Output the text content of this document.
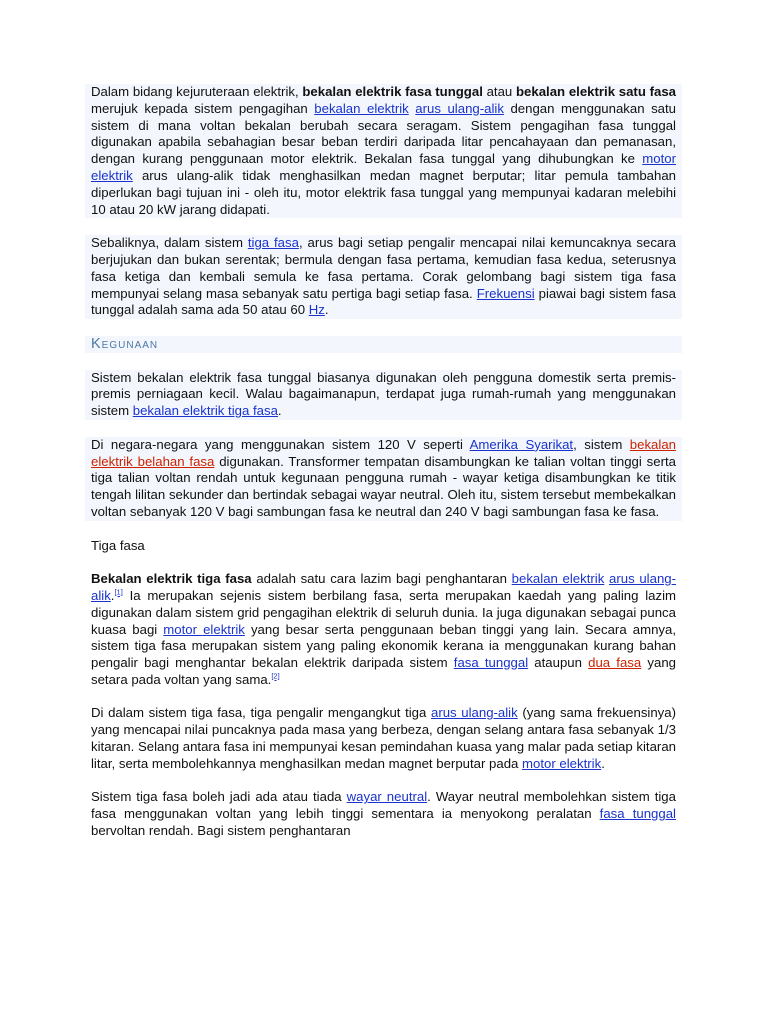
Dalam bidang kejuruteraan elektrik, bekalan elektrik fasa tunggal atau bekalan elektrik satu fasa merujuk kepada sistem pengagihan bekalan elektrik arus ulang-alik dengan menggunakan satu sistem di mana voltan bekalan berubah secara seragam. Sistem pengagihan fasa tunggal digunakan apabila sebahagian besar beban terdiri daripada litar pencahayaan dan pemanasan, dengan kurang penggunaan motor elektrik. Bekalan fasa tunggal yang dihubungkan ke motor elektrik arus ulang-alik tidak menghasilkan medan magnet berputar; litar pemula tambahan diperlukan bagi tujuan ini - oleh itu, motor elektrik fasa tunggal yang mempunyai kadaran melebihi 10 atau 20 kW jarang didapati.

Sebaliknya, dalam sistem tiga fasa, arus bagi setiap pengalir mencapai nilai kemuncaknya secara berjujukan dan bukan serentak; bermula dengan fasa pertama, kemudian fasa kedua, seterusnya fasa ketiga dan kembali semula ke fasa pertama. Corak gelombang bagi sistem tiga fasa mempunyai selang masa sebanyak satu pertiga bagi setiap fasa. Frekuensi piawai bagi sistem fasa tunggal adalah sama ada 50 atau 60 Hz.

Kegunaan

Sistem bekalan elektrik fasa tunggal biasanya digunakan oleh pengguna domestik serta premis-premis perniagaan kecil. Walau bagaimanapun, terdapat juga rumah-rumah yang menggunakan sistem bekalan elektrik tiga fasa.

Di negara-negara yang menggunakan sistem 120 V seperti Amerika Syarikat, sistem bekalan elektrik belahan fasa digunakan. Transformer tempatan disambungkan ke talian voltan tinggi serta tiga talian voltan rendah untuk kegunaan pengguna rumah - wayar ketiga disambungkan ke titik tengah lilitan sekunder dan bertindak sebagai wayar neutral. Oleh itu, sistem tersebut membekalkan voltan sebanyak 120 V bagi sambungan fasa ke neutral dan 240 V bagi sambungan fasa ke fasa.

Tiga fasa

Bekalan elektrik tiga fasa adalah satu cara lazim bagi penghantaran bekalan elektrik arus ulang-alik.[1] Ia merupakan sejenis sistem berbilang fasa, serta merupakan kaedah yang paling lazim digunakan dalam sistem grid pengagihan elektrik di seluruh dunia. Ia juga digunakan sebagai punca kuasa bagi motor elektrik yang besar serta penggunaan beban tinggi yang lain. Secara amnya, sistem tiga fasa merupakan sistem yang paling ekonomik kerana ia menggunakan kurang bahan pengalir bagi menghantar bekalan elektrik daripada sistem fasa tunggal ataupun dua fasa yang setara pada voltan yang sama.[2]

Di dalam sistem tiga fasa, tiga pengalir mengangkut tiga arus ulang-alik (yang sama frekuensinya) yang mencapai nilai puncaknya pada masa yang berbeza, dengan selang antara fasa sebanyak 1/3 kitaran. Selang antara fasa ini mempunyai kesan pemindahan kuasa yang malar pada setiap kitaran litar, serta membolehkannya menghasilkan medan magnet berputar pada motor elektrik.

Sistem tiga fasa boleh jadi ada atau tiada wayar neutral. Wayar neutral membolehkan sistem tiga fasa menggunakan voltan yang lebih tinggi sementara ia menyokong peralatan fasa tunggal bervoltan rendah. Bagi sistem penghantaran
